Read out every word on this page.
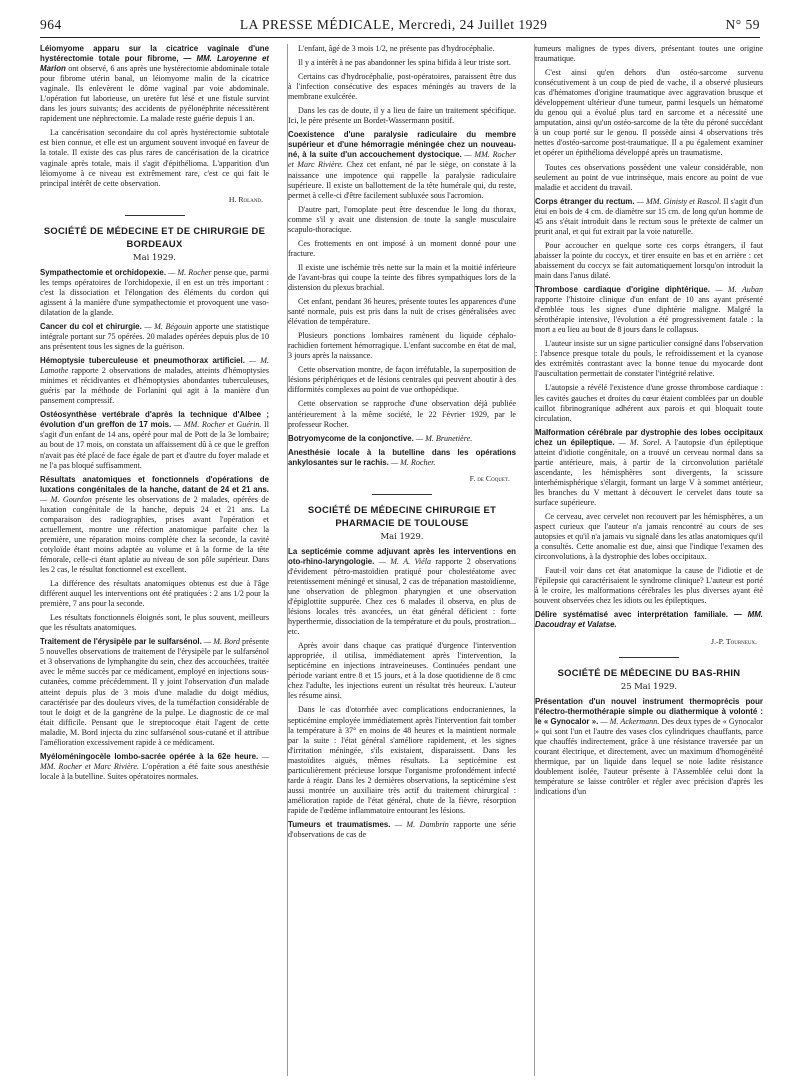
964	LA PRESSE MÉDICALE, Mercredi, 24 Juillet 1929	N° 59

Léiomyome apparu sur la cicatrice vaginale d'une hystérectomie totale pour fibrome, — MM. Laroyenne et Marion ont observé, 6 ans après une hystérectomie abdominale totale pour fibrome utérin banal, un léiomyome malin de la cicatrice vaginale. Ils enlevèrent le dôme vaginal par voie abdominale. L'opération fut laborieuse, un uretère fut lésé et une fistule survint dans les jours suivants; des accidents de pyélonéphrite nécessitèrent rapidement une néphrectomie. La malade reste guérie depuis 1 an.

La cancérisation secondaire du col après hystérectomie subtotale est bien connue, et elle est un argument souvent invoqué en faveur de la totale. Il existe des cas plus rares de cancérisation de la cicatrice vaginale après totale, mais il s'agit d'épithélioma. L'apparition d'un léiomyome à ce niveau est extrêmement rare, c'est ce qui fait le principal intérêt de cette observation.

H. Roland.

SOCIÉTÉ DE MÉDECINE ET DE CHIRURGIE DE BORDEAUX
Mai 1929.

Sympathectomie et orchidopexie. — M. Rocher pense que, parmi les temps opératoires de l'orchidopexie, il en est un très important : c'est la dissociation et l'élongation des éléments du cordon qui agissent à la manière d'une sympathectomie et provoquent une vaso-dilatation de la glande.

Cancer du col et chirurgie. — M. Bégouin apporte une statistique intégrale portant sur 75 opérées. 20 malades opérées depuis plus de 10 ans présentent tous les signes de la guérison.

Hémoptysie tuberculeuse et pneumothorax artificiel. — M. Lamothe rapporte 2 observations de malades, atteints d'hémoptysies minimes et récidivantes et d'hémoptysies abondantes tuberculeuses, guéris par la méthode de Forlanini qui agit à la manière d'un pansement compressif.

Ostéosynthèse vertébrale d'après la technique d'Albee ; évolution d'un greffon de 17 mois. — MM. Rocher et Guérin. Il s'agit d'un enfant de 14 ans, opéré pour mal de Pott de la 3e lombaire; au bout de 17 mois, on constata un affaissement dû à ce que le greffon n'avait pas été placé de face égale de part et d'autre du foyer malade et ne l'a pas bloqué suffisamment.

Résultats anatomiques et fonctionnels d'opérations de luxations congénitales de la hanche, datant de 24 et 21 ans. — M. Gourdon présente les observations de 2 malades, opérées de luxation congénitale de la hanche, depuis 24 et 21 ans. La comparaison des radiographies, prises avant l'opération et actuellement, montre une réfection anatomique parfaite chez la première, une réparation moins complète chez la seconde, la cavité cotyloïde étant moins adaptée au volume et à la forme de la tête fémorale, celle-ci étant aplatie au niveau de son pôle supérieur. Dans les 2 cas, le résultat fonctionnel est excellent.

La différence des résultats anatomiques obtenus est due à l'âge différent auquel les interventions ont été pratiquées : 2 ans 1/2 pour la première, 7 ans pour la seconde.

Les résultats fonctionnels éloignés sont, le plus souvent, meilleurs que les résultats anatomiques.

Traitement de l'érysipèle par le sulfarsénol. — M. Bord présente 5 nouvelles observations de traitement de l'érysipèle par le sulfarsénol et 3 observations de lymphangite du sein, chez des accouchées, traitée avec le même succès par ce médicament, employé en injections sous-cutanées, comme précédemment. Il y joint l'observation d'un malade atteint depuis plus de 3 mois d'une maladie du doigt médius, caractérisée par des douleurs vives, de la tuméfaction considérable de tout le doigt et de la gangrène de la pulpe. Le diagnostic de ce mal était difficile. Pensant que le streptocoque était l'agent de cette maladie, M. Bord injecta du zinc sulfarsénol sous-cutané et il attribue l'amélioration excessivement rapide à ce médicament.

Myéloméningocèle lombo-sacrée opérée à la 62e heure. — MM. Rocher et Marc Rivière. L'opération a été faite sous anesthésie locale à la butelline. Suites opératoires normales.

L'enfant, âgé de 3 mois 1/2, ne présente pas d'hydrocéphalie.

Il y a intérêt à ne pas abandonner les spina bifida à leur triste sort.

Certains cas d'hydrocéphalie, post-opératoires, paraissent être dus à l'infection consécutive des espaces méningés au travers de la membrane exulcérée.

Dans les cas de doute, il y a lieu de faire un traitement spécifique. Ici, le père présente un Bordet-Wassermann positif.

Coexistence d'une paralysie radiculaire du membre supérieur et d'une hémorragie méningée chez un nouveau-né, à la suite d'un accouchement dystocique. — MM. Rocher et Marc Rivière. Chez cet enfant, né par le siège, on constate à la naissance une impotence qui rappelle la paralysie radiculaire supérieure. Il existe un ballottement de la tête humérale qui, du reste, permet à celle-ci d'être facilement subluxée sous l'acromion.

D'autre part, l'omoplate peut être descendue le long du thorax, comme s'il y avait une distension de toute la sangle musculaire scapulo-thoracique.

Ces frottements en ont imposé à un moment donné pour une fracture.

Il existe une ischémie très nette sur la main et la moitié inférieure de l'avant-bras qui coupe la teinte des fibres sympathiques lors de la distension du plexus brachial.

Cet enfant, pendant 36 heures, présente toutes les apparences d'une santé normale, puis est pris dans la nuit de crises généralisées avec élévation de température.

Plusieurs ponctions lombaires ramènent du liquide céphalo-rachidien fortement hémorragique. L'enfant succombe en état de mal, 3 jours après la naissance.

Cette observation montre, de façon irréfutable, la superposition de lésions périphériques et de lésions centrales qui peuvent aboutir à des difformités complexes au point de vue orthopédique.

Cette observation se rapproche d'une observation déjà publiée antérieurement à la même société, le 22 Février 1929, par le professeur Rocher.

Botryomycome de la conjonctive. — M. Brunetière.

Anesthésie locale à la butelline dans les opérations ankylosantes sur le rachis. — M. Rocher.

F. de Coquet.

SOCIÉTÉ DE MÉDECINE CHIRURGIE ET PHARMACIE DE TOULOUSE
Mai 1929.

La septicémie comme adjuvant après les interventions en oto-rhino-laryngologie. — M. A. Viéla rapporte 2 observations d'évidement pétro-mastoïdien pratiqué pour cholestéatome avec retentissement méningé et sinusal, 2 cas de trépanation mastoïdienne, une observation de phlegmon pharyngien et une observation d'épiglottite suppurée. Chez ces 6 malades il observa, en plus de lésions locales très avancées, un état général déficient : forte hyperthermie, dissociation de la température et du pouls, prostration... etc.

Après avoir dans chaque cas pratiqué d'urgence l'intervention appropriée, il utilisa, immédiatement après l'intervention, la septicémine en injections intraveineuses. Continuées pendant une période variant entre 8 et 15 jours, et à la dose quotidienne de 8 cmc chez l'adulte, les injections eurent un résultat très heureux. L'auteur les résume ainsi.

Dans le cas d'otorrhée avec complications endocraniennes, la septicémine employée immédiatement après l'intervention fait tomber la température à 37° en moins de 48 heures et la maintient normale par la suite : l'état général s'améliore rapidement, et les signes d'irritation méningée, s'ils existaient, disparaissent. Dans les mastoïdites aiguës, mêmes résultats. La septicémine est particulièrement précieuse lorsque l'organisme profondément infecté tarde à réagir. Dans les 2 dernières observations, la septicémine s'est aussi montrée un auxiliaire très actif du traitement chirurgical : amélioration rapide de l'état général, chute de la fièvre, résorption rapide de l'œdème inflammatoire entourant les lésions.

Tumeurs et traumatismes. — M. Dambrin rapporte une série d'observations de cas de

tumeurs malignes de types divers, présentant toutes une origine traumatique.

C'est ainsi qu'en dehors d'un ostéo-sarcome survenu consécutivement à un coup de pied de vache, il a observé plusieurs cas d'hématomes d'origine traumatique avec aggravation brusque et développement ultérieur d'une tumeur, parmi lesquels un hématome du genou qui a évolué plus tard en sarcome et a nécessité une amputation, ainsi qu'un ostéo-sarcome de la tête du péroné succédant à un coup porté sur le genou. Il possède ainsi 4 observations très nettes d'ostéo-sarcome post-traumatique. Il a pu également examiner et opérer un épithélioma développé après un traumatisme.

Toutes ces observations possèdent une valeur considérable, non seulement au point de vue intrinsèque, mais encore au point de vue maladie et accident du travail.

Corps étranger du rectum. — MM. Ginisty et Rascol. Il s'agit d'un étui en bois de 4 cm. de diamètre sur 15 cm. de long qu'un homme de 45 ans s'était introduit dans le rectum sous le prétexte de calmer un prurit anal, et qui fut extrait par la voie naturelle.

Pour accoucher en quelque sorte ces corps étrangers, il faut abaisser la pointe du coccyx, et tirer ensuite en bas et en arrière : cet abaissement du coccyx se fait automatiquement lorsqu'on introduit la main dans l'anus dilaté.

Thrombose cardiaque d'origine diphtérique. — M. Auban rapporte l'histoire clinique d'un enfant de 10 ans ayant présenté d'emblée tous les signes d'une diphtérie maligne. Malgré la sérothérapie intensive, l'évolution a été progressivement fatale : la mort a eu lieu au bout de 8 jours dans le collapsus.

L'auteur insiste sur un signe particulier consigné dans l'observation : l'absence presque totale du pouls, le refroidissement et la cyanose des extrémités contrastant avec la bonne tenue du myocarde dont l'auscultation permettait de constater l'intégrité relative.

L'autopsie a révélé l'existence d'une grosse thrombose cardiaque : les cavités gauches et droites du cœur étaient comblées par un double caillot fibrinogranique adhérent aux parois et qui bloquait toute circulation.

Malformation cérébrale par dystrophie des lobes occipitaux chez un épileptique. — M. Sorel. A l'autopsie d'un épileptique atteint d'idiotie congénitale, on a trouvé un cerveau normal dans sa partie antérieure, mais, à partir de la circonvolution pariétale ascendante, les hémisphères sont divergents, la scissure interhémisphérique s'élargit, formant un large V à sommet antérieur, les branches du V mettant à découvert le cervelet dans toute sa surface supérieure.

Ce cerveau, avec cervelet non recouvert par les hémisphères, a un aspect curieux que l'auteur n'a jamais rencontré au cours de ses autopsies et qu'il n'a jamais vu signalé dans les atlas anatomiques qu'il a consultés. Cette anomalie est due, ainsi que l'indique l'examen des circonvolutions, à la dystrophie des lobes occipitaux.

Faut-il voir dans cet état anatomique la cause de l'idiotie et de l'épilepsie qui caractérisaient le syndrome clinique? L'auteur est porté à le croire, les malformations cérébrales les plus diverses ayant été souvent observées chez les idiots ou les épileptiques.

Délire systématisé avec interprétation familiale. — MM. Dacoudray et Valatse.

J.-P. Tourneux.

SOCIÉTÉ DE MÉDECINE DU BAS-RHIN
25 Mai 1929.

Présentation d'un nouvel instrument thermoprécis pour l'électro-thermothérapie simple ou diathermique à volonté : le « Gynocalor ». — M. Ackermann. Des deux types de « Gynocalor » qui sont l'un et l'autre des vases clos cylindriques chauffants, parce que chauffés indirectement, grâce à une résistance traversée par un courant électrique, et directement, avec un maximum d'homogénéité thermique, par un liquide dans lequel se noie ladite résistance doublement isolée, l'auteur présente à l'Assemblée celui dont la température se laisse contrôler et régler avec précision d'après les indications d'un
